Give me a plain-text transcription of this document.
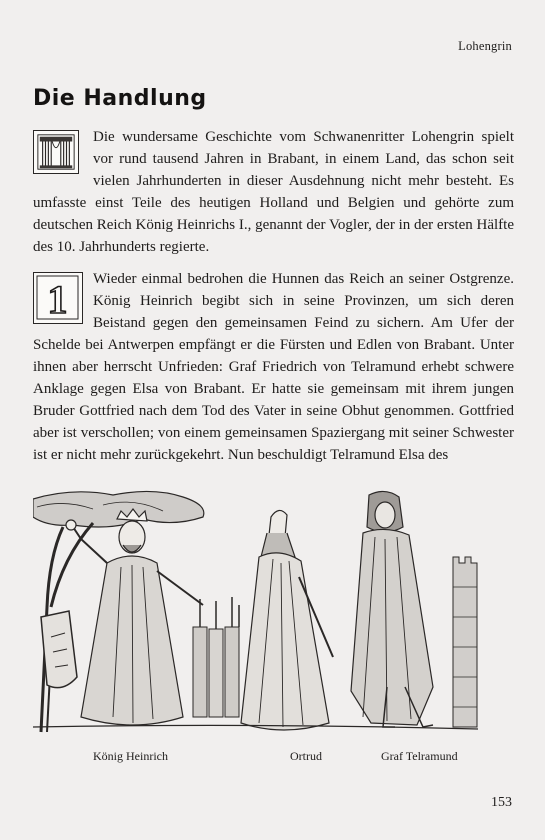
Lohengrin
Die Handlung

Die wundersame Geschichte vom Schwanenritter Lohengrin spielt vor rund tausend Jahren in Brabant, in einem Land, das schon seit vielen Jahrhunderten in dieser Ausdehnung nicht mehr besteht. Es umfasste einst Teile des heutigen Holland und Belgien und gehörte zum deutschen Reich König Heinrichs I., genannt der Vogler, der in der ersten Hälfte des 10. Jahrhunderts regierte.

1	Wieder einmal bedrohen die Hunnen das Reich an seiner Ostgrenze. König Heinrich begibt sich in seine Provinzen, um sich deren Beistand gegen den gemeinsamen Feind zu sichern. Am Ufer der Schelde bei Antwerpen empfängt er die Fürsten und Edlen von Brabant. Unter ihnen aber herrscht Unfrieden: Graf Friedrich von Telramund erhebt schwere Anklage gegen Elsa von Brabant. Er hatte sie gemeinsam mit ihrem jungen Bruder Gottfried nach dem Tod des Vater in seine Obhut genommen. Gottfried aber ist verschollen; von einem gemeinsamen Spaziergang mit seiner Schwester ist er nicht mehr zurückgekehrt. Nun beschuldigt Telramund Elsa des

König Heinrich	Ortrud	Graf Telramund
153
